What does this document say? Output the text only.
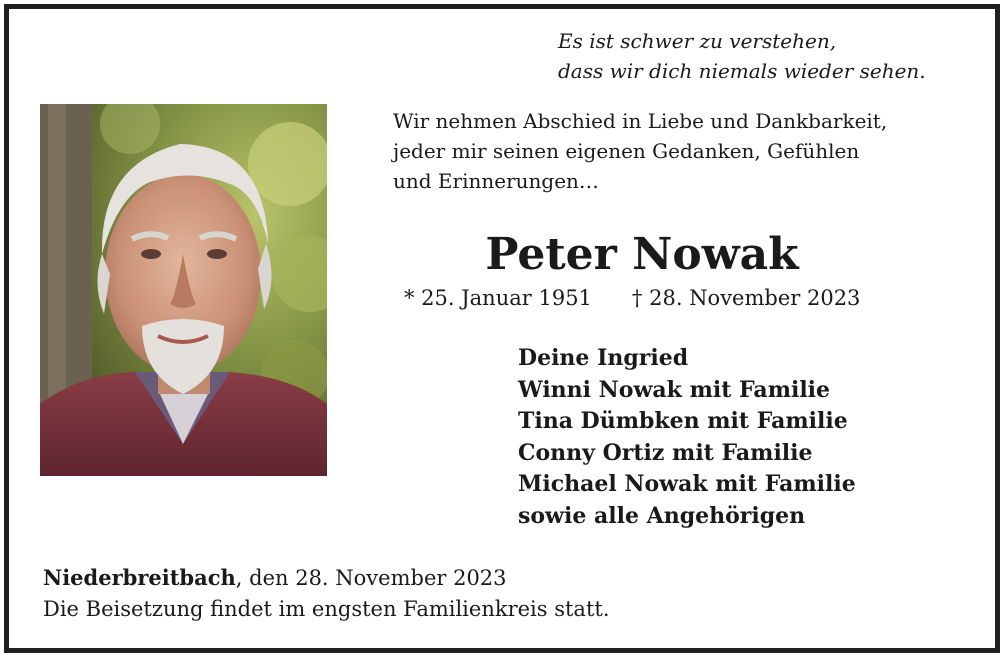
Es ist schwer zu verstehen,
dass wir dich niemals wieder sehen.
Wir nehmen Abschied in Liebe und Dankbarkeit,
jeder mir seinen eigenen Gedanken, Gefühlen
und Erinnerungen…
Peter Nowak
* 25. Januar 1951 † 28. November 2023
Deine Ingried
Winni Nowak mit Familie
Tina Dümbken mit Familie
Conny Ortiz mit Familie
Michael Nowak mit Familie
sowie alle Angehörigen
Niederbreitbach, den 28. November 2023
Die Beisetzung findet im engsten Familienkreis statt.
